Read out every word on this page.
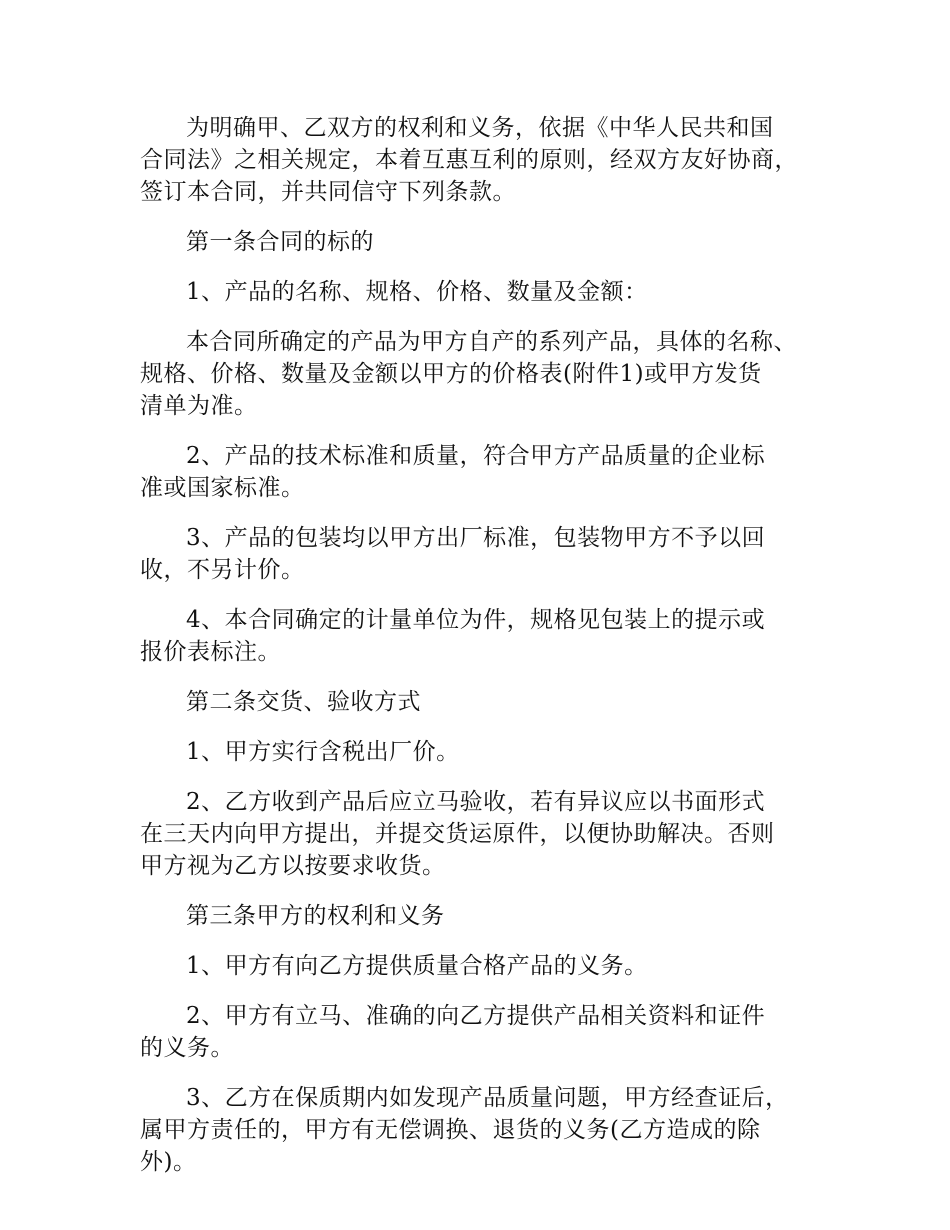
为明确甲、乙双方的权利和义务，依据《中华人民共和国
合同法》之相关规定，本着互惠互利的原则，经双方友好协商，
签订本合同，并共同信守下列条款。

第一条合同的标的

1、产品的名称、规格、价格、数量及金额：

本合同所确定的产品为甲方自产的系列产品，具体的名称、
规格、价格、数量及金额以甲方的价格表(附件1)或甲方发货
清单为准。

2、产品的技术标准和质量，符合甲方产品质量的企业标
准或国家标准。

3、产品的包装均以甲方出厂标准，包装物甲方不予以回
收，不另计价。

4、本合同确定的计量单位为件，规格见包装上的提示或
报价表标注。

第二条交货、验收方式

1、甲方实行含税出厂价。

2、乙方收到产品后应立马验收，若有异议应以书面形式
在三天内向甲方提出，并提交货运原件，以便协助解决。否则
甲方视为乙方以按要求收货。

第三条甲方的权利和义务

1、甲方有向乙方提供质量合格产品的义务。

2、甲方有立马、准确的向乙方提供产品相关资料和证件
的义务。

3、乙方在保质期内如发现产品质量问题，甲方经查证后，
属甲方责任的，甲方有无偿调换、退货的义务(乙方造成的除
外)。
